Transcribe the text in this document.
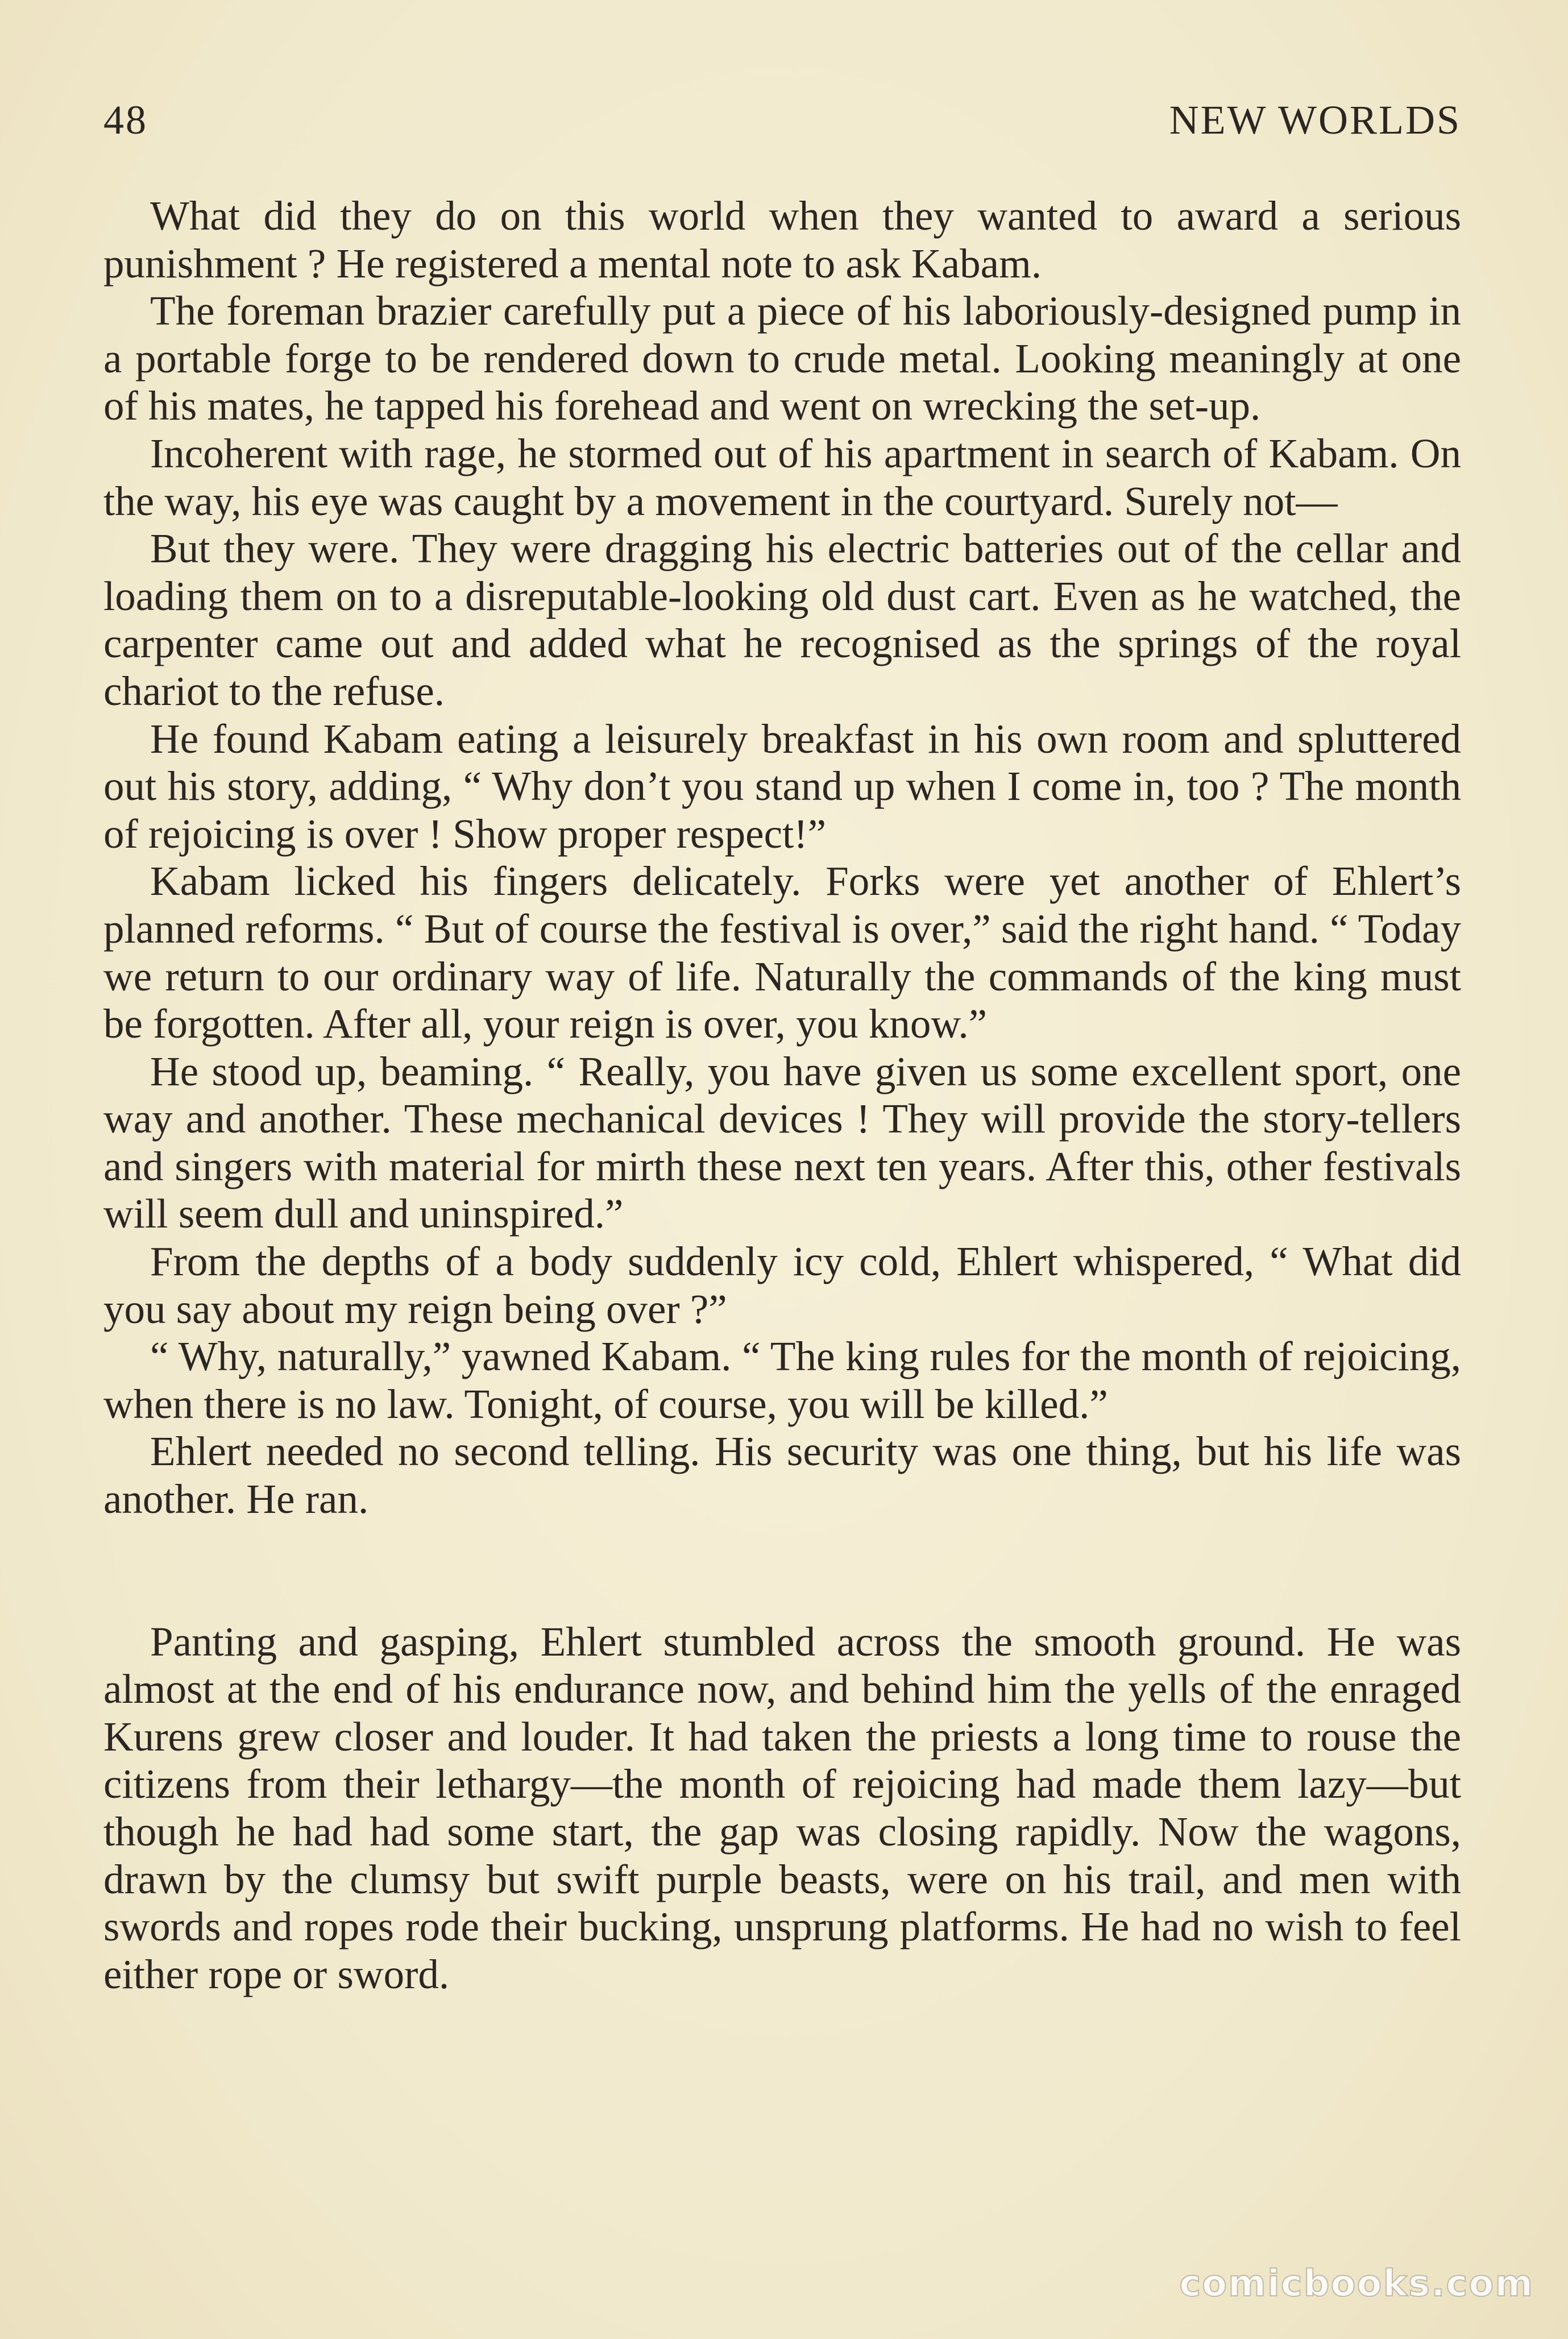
48	NEW WORLDS

What did they do on this world when they wanted to award a serious punishment ? He registered a mental note to ask Kabam.

The foreman brazier carefully put a piece of his laboriously-designed pump in a portable forge to be rendered down to crude metal. Looking meaningly at one of his mates, he tapped his forehead and went on wrecking the set-up.

Incoherent with rage, he stormed out of his apartment in search of Kabam. On the way, his eye was caught by a movement in the courtyard. Surely not—

But they were. They were dragging his electric batteries out of the cellar and loading them on to a disreputable-looking old dust cart. Even as he watched, the carpenter came out and added what he recognised as the springs of the royal chariot to the refuse.

He found Kabam eating a leisurely breakfast in his own room and spluttered out his story, adding, “ Why don’t you stand up when I come in, too ? The month of rejoicing is over ! Show proper respect!”

Kabam licked his fingers delicately. Forks were yet another of Ehlert’s planned reforms. “ But of course the festival is over,” said the right hand. “ Today we return to our ordinary way of life. Naturally the commands of the king must be forgotten. After all, your reign is over, you know.”

He stood up, beaming. “ Really, you have given us some excellent sport, one way and another. These mechanical devices ! They will provide the story-tellers and singers with material for mirth these next ten years. After this, other festivals will seem dull and uninspired.”

From the depths of a body suddenly icy cold, Ehlert whispered, “ What did you say about my reign being over ?”

“ Why, naturally,” yawned Kabam. “ The king rules for the month of rejoicing, when there is no law. Tonight, of course, you will be killed.”

Ehlert needed no second telling. His security was one thing, but his life was another. He ran.

Panting and gasping, Ehlert stumbled across the smooth ground. He was almost at the end of his endurance now, and behind him the yells of the enraged Kurens grew closer and louder. It had taken the priests a long time to rouse the citizens from their lethargy—the month of rejoicing had made them lazy—but though he had had some start, the gap was closing rapidly. Now the wagons, drawn by the clumsy but swift purple beasts, were on his trail, and men with swords and ropes rode their bucking, unsprung platforms. He had no wish to feel either rope or sword.

comicbooks.com
